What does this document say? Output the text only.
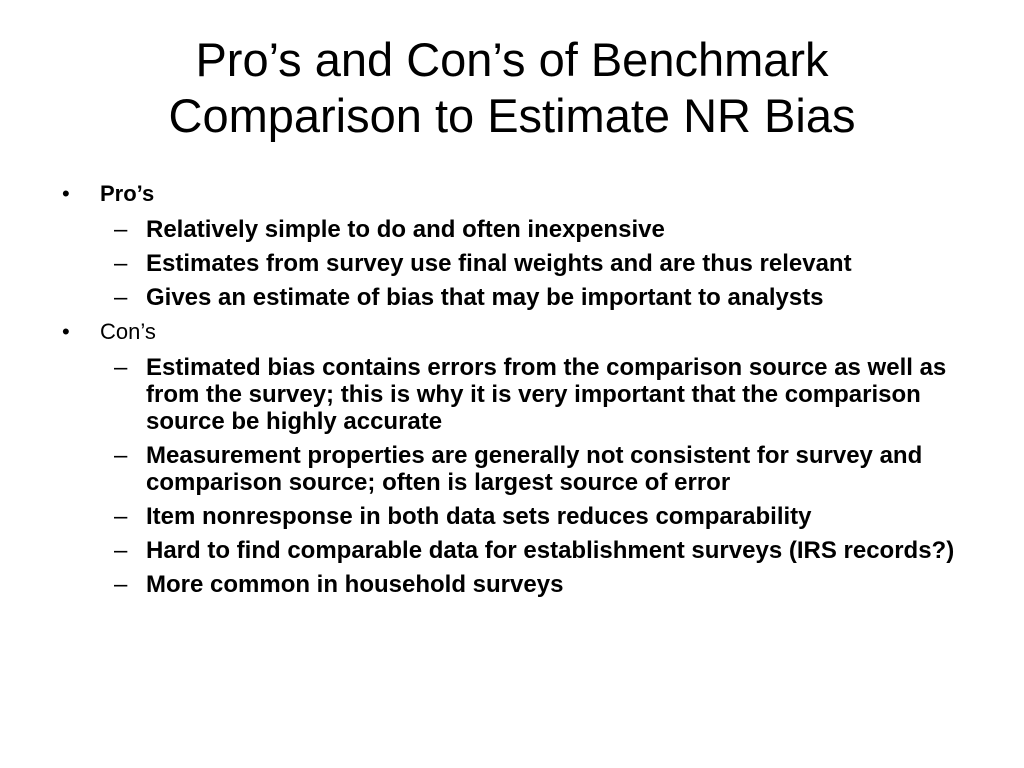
Pro’s and Con’s of Benchmark
Comparison to Estimate NR Bias
• Pro’s
– Relatively simple to do and often inexpensive
– Estimates from survey use final weights and are thus relevant
– Gives an estimate of bias that may be important to analysts
• Con’s
– Estimated bias contains errors from the comparison source as well as from the survey; this is why it is very important that the comparison source be highly accurate
– Measurement properties are generally not consistent for survey and comparison source; often is largest source of error
– Item nonresponse in both data sets reduces comparability
– Hard to find comparable data for establishment surveys (IRS records?)
– More common in household surveys
